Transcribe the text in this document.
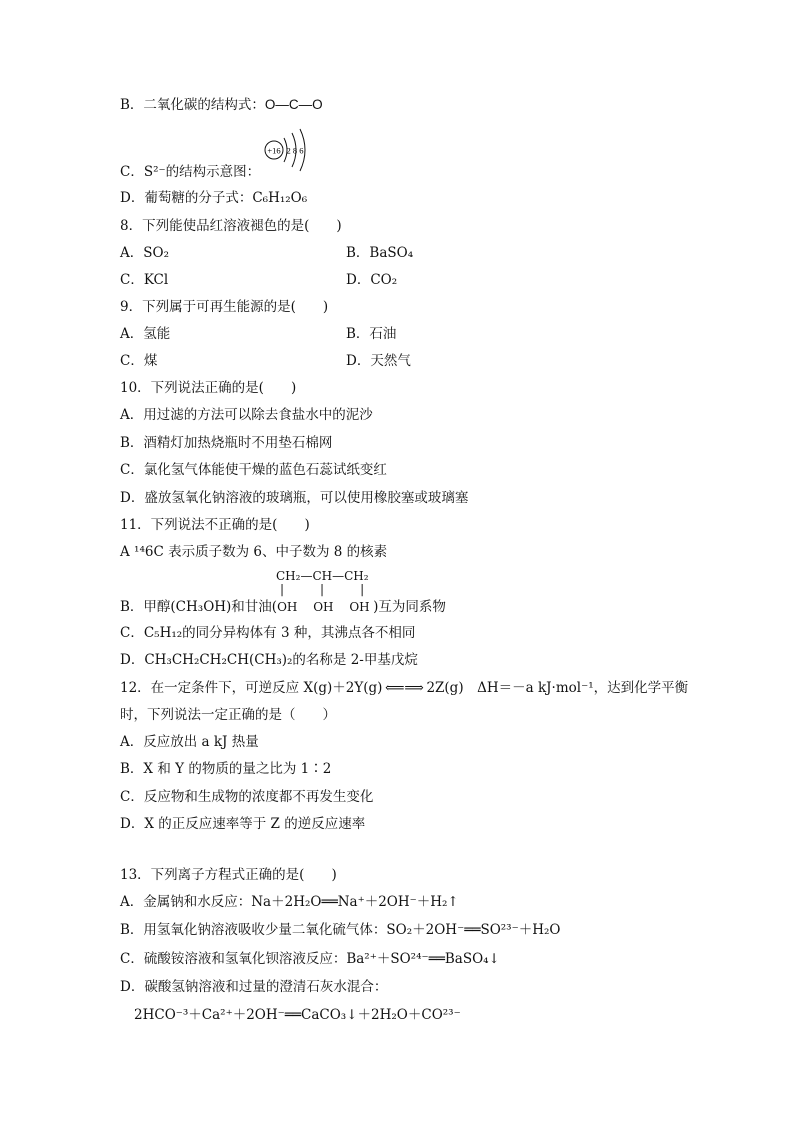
B．二氧化碳的结构式：O—C—O
+16 2 8 6
C．S²⁻的结构示意图：
D．葡萄糖的分子式：C₆H₁₂O₆
8．下列能使品红溶液褪色的是(　　)
A．SO₂	B．BaSO₄
C．KCl	D．CO₂
9．下列属于可再生能源的是(　　)
A．氢能	B．石油
C．煤	D．天然气
10．下列说法正确的是(　　)
A．用过滤的方法可以除去食盐水中的泥沙
B．酒精灯加热烧瓶时不用垫石棉网
C．氯化氢气体能使干燥的蓝色石蕊试纸变红
D．盛放氢氧化钠溶液的玻璃瓶，可以使用橡胶塞或玻璃塞
11．下列说法不正确的是(　　)
A ¹⁴6C 表示质子数为 6、中子数为 8 的核素
CH₂—CH—CH₂
|　　　|　　　|
B．甲醇(CH₃OH)和甘油(OH　 OH　 OH )互为同系物
C．C₅H₁₂的同分异构体有 3 种，其沸点各不相同
D．CH₃CH₂CH₂CH(CH₃)₂的名称是 2-甲基戊烷
12．在一定条件下，可逆反应 X(g)＋2Y(g) ⟸⟹ 2Z(g)　ΔH＝－a kJ·mol⁻¹，达到化学平衡
时，下列说法一定正确的是（　　）
A．反应放出 a kJ 热量
B．X 和 Y 的物质的量之比为 1∶2
C．反应物和生成物的浓度都不再发生变化
D．X 的正反应速率等于 Z 的逆反应速率
13．下列离子方程式正确的是(　　)
A．金属钠和水反应：Na＋2H₂O══Na⁺＋2OH⁻＋H₂↑
B．用氢氧化钠溶液吸收少量二氧化硫气体：SO₂＋2OH⁻══SO²³⁻＋H₂O
C．硫酸铵溶液和氢氧化钡溶液反应：Ba²⁺＋SO²⁴⁻══BaSO₄↓
D．碳酸氢钠溶液和过量的澄清石灰水混合：
2HCO⁻³＋Ca²⁺＋2OH⁻══CaCO₃↓＋2H₂O＋CO²³⁻
